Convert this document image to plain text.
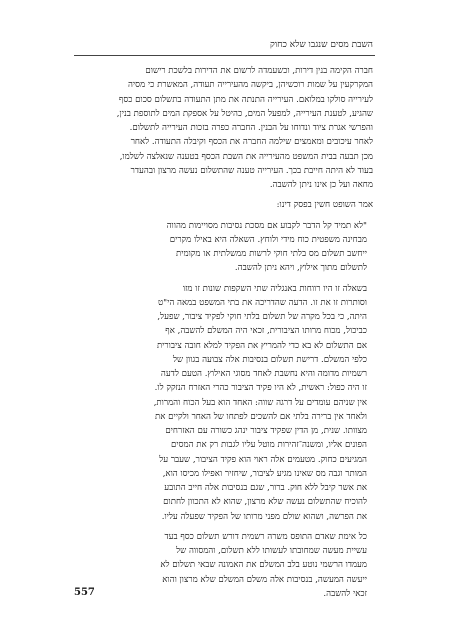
השבת מסים שנגבו שלא כחוק
חברה הקימה בנין דירות, וכשעמדה לרשום את הדירות בלשכת רישום
המקרקעין על שמות רוכשיהן, ביקשה מהעירייה תעודה, המאשרת כי מסיה
לעירייה סולקו במלואם. העירייה התנתה את מתן התעודה בתשלום סכום כסף
שהגיע, לטענת העירייה, למפעל המים, כהיטל על אספקת המים לתוספת בנין,
והפרשי אגרת ציוד ונדוחו על הבנין. החברה כפרה בזכות העירייה לתשלום.
לאחר עיכובים ומאמצים שילמה החברה את הכסף וקיבלה התעודה. לאחר
מכן תבעה בבית המשפט מהעירייה את השבת הכסף בטענה שנאלצה לשלמו,
בעוד לא היתה חייבת בכך. העירייה טענה שהתשלום נעשה מרצון ובהעדר
מחאה ועל כן אינו ניתן להשבה.
אמר השופט חשין בפסק דינו:
"לא תמיד קל הדבר לקבוע אם מסכת נסיבות מסויימות מהווה
מבחינה משפטית כוח מידי ולוחץ. השאלה היא באילו מקרים
ייחשב תשלום מס בלתי חוקי לרשות ממשלתית או מקומית
לתשלום מתוך אילוץ, ויהא ניתן להשבה.
בשאלה זו היו רווחות באנגליה שתי השקפות שונות זו מזו
וסותרות זו את זו. הדעה שהדריכה את בתי המשפט במאה הי"ט
היתה, כי בכל מקרה של תשלום בלתי חוקי לפקיד ציבור, שפעל,
כביכול, מכוח מרותו הציבורית, זכאי היה המשלם להשבה, אף
אם התשלום לא בא כדי להמריץ את הפקיד למלא חובה ציבורית
כלפי המשלם. דרישת תשלום בנסיבות אלה צבועה בגוון של
רשמיות מדומה והיא נחשבת לאחד מסוגי האילוץ. הטעם לדעה
זו היה כפול: ראשית, לא היו פקיד הציבור כהרי האזרח הנזקק לו.
אין שניהם עומדים על דרגה שווה: האחד הוא בעל הכוח והמרות,
ולאחד אין ברירה בלתי אם להשכים לפתחו של האחר ולקיים את
מצוותו. שנית, מן הדין שפקיד ציבור ינהג כשורה עם האזרחים
הפונים אליו, ומשנה־זהירות מוטל עליו לגבות רק את המסים
המגיעים כחוק. מטעמים אלה ראוי הוא פקיד הציבור, שעבר על
המותר וגבה מס שאינו מגיע לציבור, שיחזיר ואפילו מכיסו הוא,
את אשר קיבל ללא חוק. ברור, שגם בנסיבות אלה חייב התובע
להוכיח שהתשלום נעשה שלא מרצון, שהוא לא התכוון לחתום
את הפרשה, ושהוא שולם מפני מרותו של הפקיד שפעלה עליו.
כל אימת שאדם התופס משרה רשמית דורש תשלום כסף בעד
עשיית מעשה שמחובתו לעשותו ללא תשלום, והמסווה של
מעמדו הרשמי נוטע בלב המשלם את האמונה שבאי תשלום לא
ייעשה המעשה, בנסיבות אלה משלם המשלם שלא מרצון והוא
זכאי להשבה.
557
